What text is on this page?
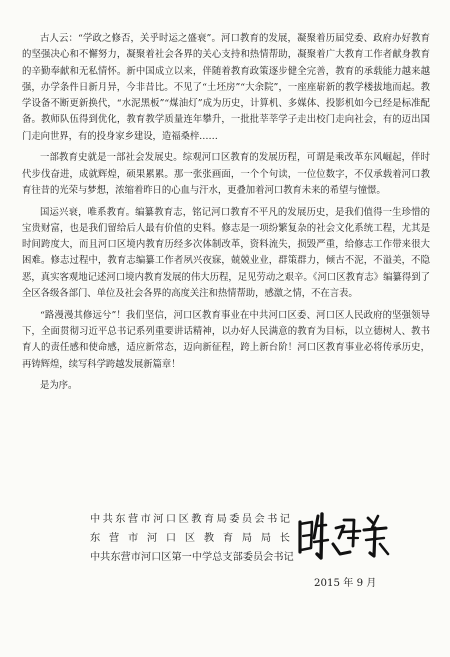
古人云：“学政之修否，关乎时运之盛衰”。河口教育的发展，凝聚着历届党委、政府办好教育的坚强决心和不懈努力，凝聚着社会各界的关心支持和热情帮助，凝聚着广大教育工作者献身教育的辛勤奉献和无私情怀。新中国成立以来，伴随着教育政策逐步健全完善，教育的承载能力越来越强，办学条件日新月异，今非昔比。不见了“土坯房”“大余院”，一座座崭新的教学楼拔地而起。教学设备不断更新换代，“水泥黑板”“煤油灯”成为历史，计算机、多媒体、投影机如今已经是标准配备。教师队伍得到优化，教育教学质量连年攀升，一批批莘莘学子走出校门走向社会，有的迈出国门走向世界，有的投身家乡建设，造福桑梓……

一部教育史就是一部社会发展史。综观河口区教育的发展历程，可谓是乘改革东风崛起，伴时代步伐奋进，成就辉煌，硕果累累。那一张张画面，一个个句读，一位位数字，不仅承载着河口教育往昔的光荣与梦想，浓缩着昨日的心血与汗水，更叠加着河口教育未来的希望与憧憬。

国运兴衰，唯系教育。编纂教育志，铭记河口教育不平凡的发展历史，是我们值得一生珍惜的宝贵财富，也是我们留给后人最有价值的史料。修志是一项纷繁复杂的社会文化系统工程，尤其是时间跨度大，而且河口区境内教育历经多次体制改革，资料流失，损毁严重，给修志工作带来很大困难。修志过程中，教育志编纂工作者夙兴夜寐，兢兢业业，群策群力，倾古不泥，不溢美，不隐恶，真实客观地记述河口境内教育发展的伟大历程，足见劳动之艰辛。《河口区教育志》编纂得到了全区各级各部门、单位及社会各界的高度关注和热情帮助，感激之情，不在言表。

“路漫漫其修远兮”！我们坚信，河口区教育事业在中共河口区委、河口区人民政府的坚强领导下，全面贯彻习近平总书记系列重要讲话精神，以办好人民满意的教育为目标，以立德树人、教书育人的责任感和使命感，适应新常态，迈向新征程，跨上新台阶！河口区教育事业必将传承历史，再铸辉煌，续写科学跨越发展新篇章！

是为序。

中共东营市河口区教育局委员会书记
东营市河口区教育局局长
中共东营市河口区第一中学总支部委员会书记
2015 年 9 月
